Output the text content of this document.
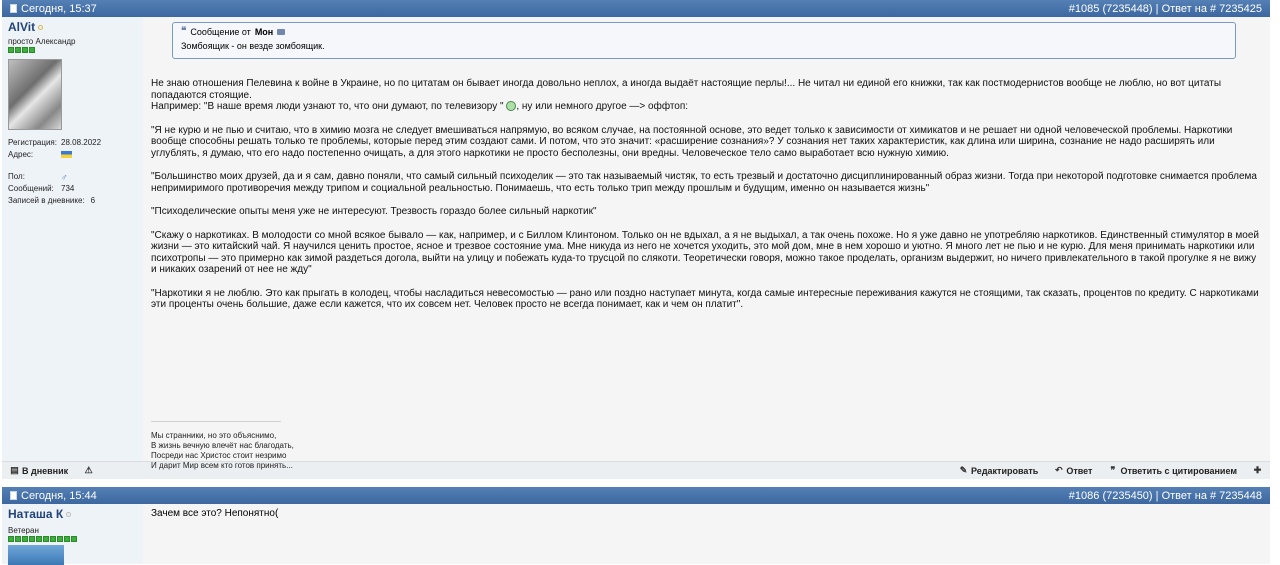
Сегодня, 15:37	#1085 (7235448) | Ответ на # 7235425
AlVit
просто Александр
Регистрация: 28.08.2022
Адрес:
Пол:	♂
Сообщений: 734
Записей в дневнике: 6
❝ Сообщение от Мон
Зомбоящик - он везде зомбоящик.

Не знаю отношения Пелевина к войне в Украине, но по цитатам он бывает иногда довольно неплох, а иногда выдаёт настоящие перлы!... Не читал ни единой его книжки, так как постмодернистов вообще не люблю, но вот цитаты попадаются стоящие.
Например: "В наше время люди узнают то, что они думают, по телевизору " , ну или немного другое —> оффтоп:

"Я не курю и не пью и считаю, что в химию мозга не следует вмешиваться напрямую, во всяком случае, на постоянной основе, это ведет только к зависимости от химикатов и не решает ни одной человеческой проблемы. Наркотики вообще способны решать только те проблемы, которые перед этим создают сами. И потом, что это значит: «расширение сознания»? У сознания нет таких характеристик, как длина или ширина, сознание не надо расширять или углублять, я думаю, что его надо постепенно очищать, а для этого наркотики не просто бесполезны, они вредны. Человеческое тело само выработает всю нужную химию.

"Большинство моих друзей, да и я сам, давно поняли, что самый сильный психоделик — это так называемый чистяк, то есть трезвый и достаточно дисциплинированный образ жизни. Тогда при некоторой подготовке снимается проблема непримиримого противоречия между трипом и социальной реальностью. Понимаешь, что есть только трип между прошлым и будущим, именно он называется жизнь"

"Психоделические опыты меня уже не интересуют. Трезвость гораздо более сильный наркотик"

"Скажу о наркотиках. В молодости со мной всякое бывало — как, например, и с Биллом Клинтоном. Только он не вдыхал, а я не выдыхал, а так очень похоже. Но я уже давно не употребляю наркотиков. Единственный стимулятор в моей жизни — это китайский чай. Я научился ценить простое, ясное и трезвое состояние ума. Мне никуда из него не хочется уходить, это мой дом, мне в нем хорошо и уютно. Я много лет не пью и не курю. Для меня принимать наркотики или психотропы — это примерно как зимой раздеться догола, выйти на улицу и побежать куда-то трусцой по слякоти. Теоретически говоря, можно такое проделать, организм выдержит, но ничего привлекательного в такой прогулке я не вижу и никаких озарений от нее не жду"

"Наркотики я не люблю. Это как прыгать в колодец, чтобы насладиться невесомостью — рано или поздно наступает минута, когда самые интересные переживания кажутся не стоящими, так сказать, процентов по кредиту. С наркотиками эти проценты очень большие, даже если кажется, что их совсем нет. Человек просто не всегда понимает, как и чем он платит".

Мы странники, но это объяснимо,
В жизнь вечную влечёт нас благодать,
Посреди нас Христос стоит незримо
И дарит Мир всем кто готов принять...
▤ В дневник ⚠	✎ Редактировать ↶ Ответ ❞ Ответить с цитированием ✚
Сегодня, 15:44	#1086 (7235450) | Ответ на # 7235448
Наташа К
Ветеран
Зачем все это? Непонятно(
